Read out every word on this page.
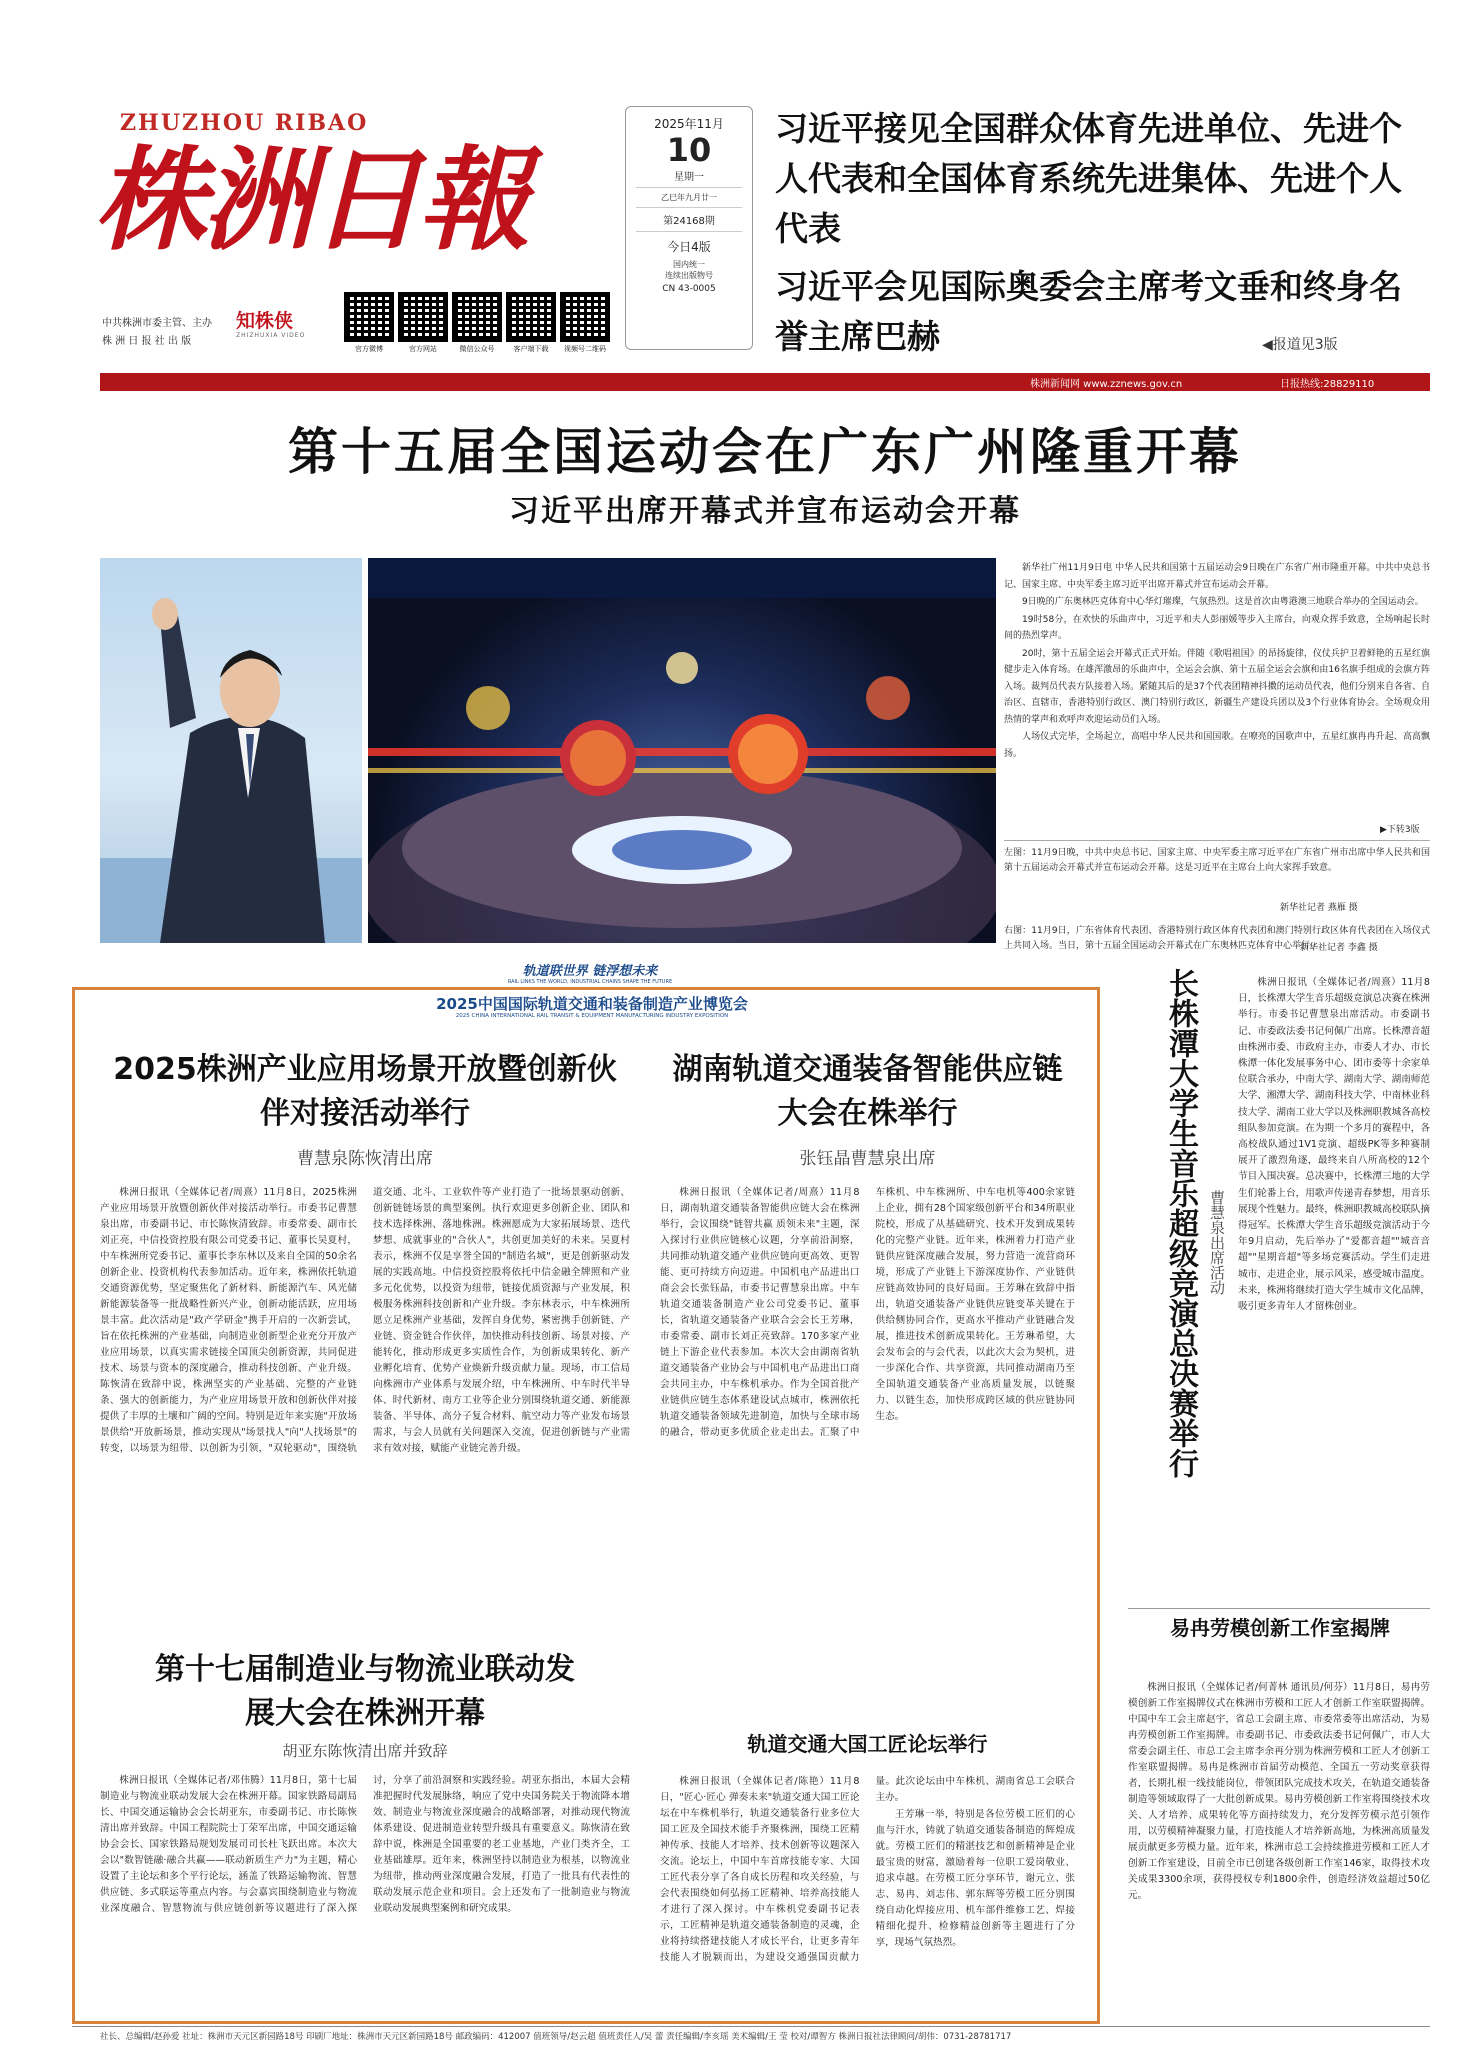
ZHUZHOU RIBAO
株洲日報
中共株洲市委主管、主办
株 洲 日 报 社 出 版
知株侠
ZHIZHUXIA VIDEO
官方微博	官方网站	微信公众号	客户端下载	视频号二维码
2025年11月
10
星期一
乙巳年九月廿一
第24168期
今日4版
国内统一
连续出版物号
CN 43-0005
习近平接见全国群众体育先进单位、先进个人代表和全国体育系统先进集体、先进个人代表
习近平会见国际奥委会主席考文垂和终身名誉主席巴赫	◀报道见3版
株洲新闻网 www.zznews.gov.cn	日报热线:28829110
第十五届全国运动会在广东广州隆重开幕
习近平出席开幕式并宣布运动会开幕

新华社广州11月9日电 中华人民共和国第十五届运动会9日晚在广东省广州市隆重开幕。中共中央总书记、国家主席、中央军委主席习近平出席开幕式并宣布运动会开幕。

9日晚的广东奥林匹克体育中心华灯璀璨，气氛热烈。这是首次由粤港澳三地联合举办的全国运动会。

19时58分，在欢快的乐曲声中，习近平和夫人彭丽媛等步入主席台，向观众挥手致意，全场响起长时间的热烈掌声。

20时，第十五届全运会开幕式正式开始。伴随《歌唱祖国》的昂扬旋律，仪仗兵护卫着鲜艳的五星红旗健步走入体育场。在雄浑激昂的乐曲声中，全运会会旗、第十五届全运会会旗和由16名旗手组成的会旗方阵入场。裁判员代表方队接着入场。紧随其后的是37个代表团精神抖擞的运动员代表，他们分别来自各省、自治区、直辖市，香港特别行政区、澳门特别行政区，新疆生产建设兵团以及3个行业体育协会。全场观众用热情的掌声和欢呼声欢迎运动员们入场。

人场仪式完毕，全场起立，高唱中华人民共和国国歌。在嘹亮的国歌声中，五星红旗冉冉升起、高高飘扬。

▶下转3版
左图：11月9日晚，中共中央总书记、国家主席、中央军委主席习近平在广东省广州市出席中华人民共和国第十五届运动会开幕式并宣布运动会开幕。这是习近平在主席台上向大家挥手致意。
新华社记者 燕雁 摄
右图：11月9日，广东省体育代表团、香港特别行政区体育代表团和澳门特别行政区体育代表团在入场仪式上共同入场。当日，第十五届全国运动会开幕式在广东奥林匹克体育中心举行。
新华社记者 李鑫 摄
轨道联世界 链浮想未来
RAIL LINKS THE WORLD, INDUSTRIAL CHAINS SHAPE THE FUTURE
2025中国国际轨道交通和装备制造产业博览会
2025 CHINA INTERNATIONAL RAIL TRANSIT & EQUIPMENT MANUFACTURING INDUSTRY EXPOSITION
2025株洲产业应用场景开放暨创新伙伴对接活动举行
曹慧泉陈恢清出席

株洲日报讯（全媒体记者/周熹）11月8日，2025株洲产业应用场景开放暨创新伙伴对接活动举行。市委书记曹慧泉出席，市委副书记、市长陈恢清致辞。市委常委、副市长刘正亮，中信投资控股有限公司党委书记、董事长吴夏村，中车株洲所党委书记、董事长李东林以及来自全国的50余名创新企业、投资机构代表参加活动。近年来，株洲依托轨道交通资源优势，坚定聚焦化了新材料、新能源汽车、风光储新能源装备等一批战略性新兴产业，创新动能活跃，应用场景丰富。此次活动是"政产学研金"携手开启的一次新尝试，旨在依托株洲的产业基础，向制造业创新型企业充分开放产业应用场景，以真实需求链接全国顶尖创新资源，共同促进技术、场景与资本的深度融合，推动科技创新、产业升级。陈恢清在致辞中说，株洲坚实的产业基础、完整的产业链条、强大的创新能力，为产业应用场景开放和创新伙伴对接提供了丰厚的土壤和广阔的空间。特别是近年来实施"开放场景供给"开放新场景，推动实现从"场景找人"向"人找场景"的转变，以场景为纽带、以创新为引领，"双轮驱动"，围绕轨道交通、北斗、工业软件等产业打造了一批场景驱动创新、创新链链场景的典型案例。执行欢迎更多创新企业、团队和技术选择株洲、落地株洲。株洲愿成为大家拓展场景、迭代梦想、成就事业的"合伙人"，共创更加美好的未来。吴夏村表示，株洲不仅是享誉全国的"制造名城"，更是创新驱动发展的实践高地。中信投资控股将依托中信金融全牌照和产业多元化优势，以投资为纽带，链接优质资源与产业发展，积极服务株洲科技创新和产业升级。李东林表示，中车株洲所愿立足株洲产业基础，发挥自身优势，紧密携手创新链、产业链、资金链合作伙伴，加快推动科技创新、场景对接、产能转化，推动形成更多实质性合作，为创新成果转化、新产业孵化培育、优势产业焕新升级贡献力量。现场，市工信局向株洲市产业体系与发展介绍，中车株洲所、中车时代半导体、时代新材、南方工业等企业分别围绕轨道交通、新能源装备、半导体、高分子复合材料、航空动力等产业发布场景需求，与会人员就有关问题深入交流，促进创新链与产业需求有效对接，赋能产业链完善升级。

湖南轨道交通装备智能供应链大会在株举行
张钰晶曹慧泉出席

株洲日报讯（全媒体记者/周熹）11月8日，湖南轨道交通装备智能供应链大会在株洲举行，会议围绕"链智共赢 质领未来"主题，深入探讨行业供应链核心议题，分享前沿洞察，共同推动轨道交通产业供应链向更高效、更智能、更可持续方向迈进。中国机电产品进出口商会会长张钰晶，市委书记曹慧泉出席。中车轨道交通装备制造产业公司党委书记、董事长，省轨道交通装备产业联合会会长王芳琳，市委常委、副市长刘正亮致辞。170多家产业链上下游企业代表参加。本次大会由湖南省轨道交通装备产业协会与中国机电产品进出口商会共同主办，中车株机承办。作为全国首批产业链供应链生态体系建设试点城市，株洲依托轨道交通装备领域先进制造，加快与全球市场的融合，带动更多优质企业走出去。汇聚了中车株机、中车株洲所、中车电机等400余家链上企业，拥有28个国家级创新平台和34所职业院校，形成了从基础研究、技术开发到成果转化的完整产业链。近年来，株洲着力打造产业链供应链深度融合发展，努力营造一流营商环境，形成了产业链上下游深度协作、产业链供应链高效协同的良好局面。王芳琳在致辞中指出，轨道交通装备产业链供应链变革关键在于供给侧协同合作，更高水平推动产业链融合发展，推进技术创新成果转化。王芳琳希望，大会发布会的与会代表，以此次大会为契机，进一步深化合作、共享资源，共同推动湖南乃至全国轨道交通装备产业高质量发展，以链聚力、以链生态，加快形成跨区域的供应链协同生态。

第十七届制造业与物流业联动发展大会在株洲开幕
胡亚东陈恢清出席并致辞

株洲日报讯（全媒体记者/邓伟腾）11月8日，第十七届制造业与物流业联动发展大会在株洲开幕。国家铁路局副局长、中国交通运输协会会长胡亚东，市委副书记、市长陈恢清出席并致辞。中国工程院院士丁荣军出席，中国交通运输协会会长、国家铁路局规划发展司司长杜飞跃出席。本次大会以"数智链融·融合共赢——联动新质生产力"为主题，精心设置了主论坛和多个平行论坛，涵盖了铁路运输物流、智慧供应链、多式联运等重点内容。与会嘉宾围绕制造业与物流业深度融合、智慧物流与供应链创新等议题进行了深入探讨，分享了前沿洞察和实践经验。胡亚东指出，本届大会精准把握时代发展脉络，响应了党中央国务院关于物流降本增效、制造业与物流业深度融合的战略部署，对推动现代物流体系建设、促进制造业转型升级具有重要意义。陈恢清在致辞中说，株洲是全国重要的老工业基地，产业门类齐全，工业基础雄厚。近年来，株洲坚持以制造业为根基，以物流业为纽带，推动两业深度融合发展，打造了一批具有代表性的联动发展示范企业和项目。会上还发布了一批制造业与物流业联动发展典型案例和研究成果。

轨道交通大国工匠论坛举行

株洲日报讯（全媒体记者/陈艳）11月8日，"匠心·匠心 弹奏未来"轨道交通大国工匠论坛在中车株机举行，轨道交通装备行业多位大国工匠及全国技术能手齐聚株洲，围绕工匠精神传承、技能人才培养、技术创新等议题深入交流。论坛上，中国中车首席技能专家、大国工匠代表分享了各自成长历程和攻关经验，与会代表围绕如何弘扬工匠精神、培养高技能人才进行了深入探讨。中车株机党委副书记表示，工匠精神是轨道交通装备制造的灵魂，企业将持续搭建技能人才成长平台，让更多青年技能人才脱颖而出，为建设交通强国贡献力量。此次论坛由中车株机、湖南省总工会联合主办。

王芳琳一举，特别是各位劳模工匠们的心血与汗水，铸就了轨道交通装备制造的辉煌成就。劳模工匠们的精湛技艺和创新精神是企业最宝贵的财富，激励着每一位职工爱岗敬业、追求卓越。在劳模工匠分享环节，谢元立、张志、易冉、刘志伟、郭东辉等劳模工匠分别围绕自动化焊接应用、机车部件维修工艺、焊接精细化提升、检修精益创新等主题进行了分享，现场气氛热烈。

长株潭大学生音乐超级竞演总决赛举行 曹慧泉出席活动

株洲日报讯（全媒体记者/周熹）11月8日，长株潭大学生音乐超级竞演总决赛在株洲举行。市委书记曹慧泉出席活动。市委副书记、市委政法委书记何佩广出席。长株潭音超由株洲市委、市政府主办，市委人才办、市长株潭一体化发展事务中心、团市委等十余家单位联合承办，中南大学、湖南大学、湖南师范大学、湘潭大学、湖南科技大学、中南林业科技大学、湖南工业大学以及株洲职教城各高校组队参加竞演。在为期一个多月的赛程中，各高校战队通过1V1竞演、超级PK等多种赛制展开了激烈角逐，最终来自八所高校的12个节目入围决赛。总决赛中，长株潭三地的大学生们轮番上台，用歌声传递青春梦想，用音乐展现个性魅力。最终，株洲职教城高校联队摘得冠军。长株潭大学生音乐超级竞演活动于今年9月启动，先后举办了"爱都音超""城音音超""星期音超"等多场竞赛活动。学生们走进城市、走进企业，展示风采，感受城市温度。未来，株洲将继续打造大学生城市文化品牌，吸引更多青年人才留株创业。

易冉劳模创新工作室揭牌

株洲日报讯（全媒体记者/何菁林 通讯员/何芬）11月8日，易冉劳模创新工作室揭牌仪式在株洲市劳模和工匠人才创新工作室联盟揭牌。中国中车工会主席赵宇，省总工会副主席、市委常委等出席活动，为易冉劳模创新工作室揭牌。市委副书记、市委政法委书记何佩广，市人大常委会副主任、市总工会主席李余再分别为株洲劳模和工匠人才创新工作室联盟揭牌。易冉是株洲市首届劳动模范、全国五一劳动奖章获得者，长期扎根一线技能岗位，带领团队完成技术攻关，在轨道交通装备制造等领域取得了一大批创新成果。易冉劳模创新工作室将围绕技术攻关、人才培养、成果转化等方面持续发力，充分发挥劳模示范引领作用，以劳模精神凝聚力量，打造技能人才培养新高地，为株洲高质量发展贡献更多劳模力量。近年来，株洲市总工会持续推进劳模和工匠人才创新工作室建设，目前全市已创建各级创新工作室146家，取得技术攻关成果3300余项，获得授权专利1800余件，创造经济效益超过50亿元。

社长、总编辑/赵孙爱 社址：株洲市天元区新园路18号 印刷厂地址：株洲市天元区新园路18号 邮政编码：412007 值班领导/赵云超 值班责任人/吴 蕾 责任编辑/李亥瑶 美术编辑/王 莹 校对/谭智方 株洲日报社法律顾问/胡伟：0731-28781717
